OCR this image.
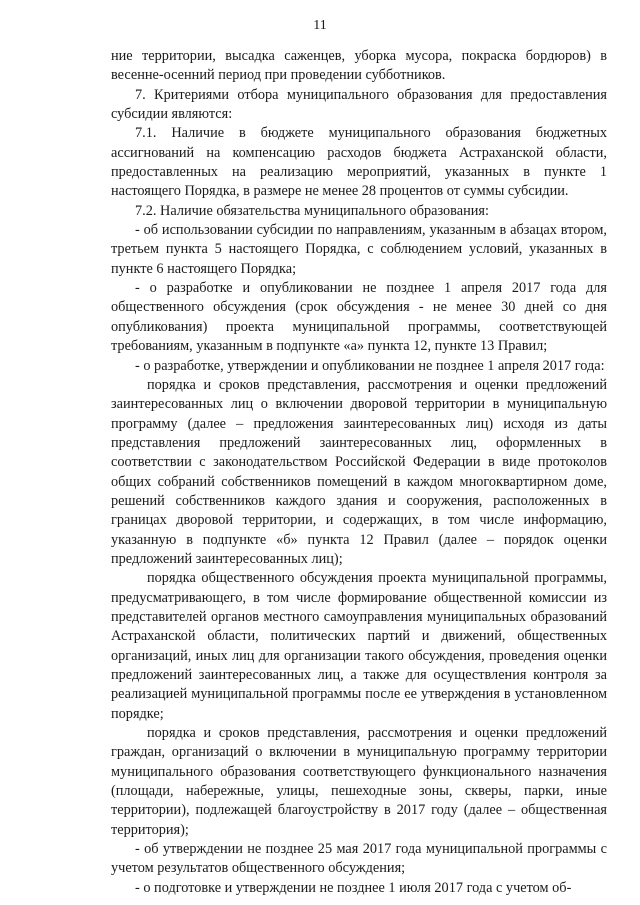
11

ние территории, высадка саженцев, уборка мусора, покраска бордюров) в весенне-осенний период при проведении субботников.

7. Критериями отбора муниципального образования для предоставления субсидии являются:

7.1. Наличие в бюджете муниципального образования бюджетных ассигнований на компенсацию расходов бюджета Астраханской области, предоставленных на реализацию мероприятий, указанных в пункте 1 настоящего Порядка, в размере не менее 28 процентов от суммы субсидии.

7.2. Наличие обязательства муниципального образования:

- об использовании субсидии по направлениям, указанным в абзацах втором, третьем пункта 5 настоящего Порядка, с соблюдением условий, указанных в пункте 6 настоящего Порядка;

- о разработке и опубликовании не позднее 1 апреля 2017 года для общественного обсуждения (срок обсуждения - не менее 30 дней со дня опубликования) проекта муниципальной программы, соответствующей требованиям, указанным в подпункте «а» пункта 12, пункте 13 Правил;

- о разработке, утверждении и опубликовании не позднее 1 апреля 2017 года:

порядка и сроков представления, рассмотрения и оценки предложений заинтересованных лиц о включении дворовой территории в муниципальную программу (далее – предложения заинтересованных лиц) исходя из даты представления предложений заинтересованных лиц, оформленных в соответствии с законодательством Российской Федерации в виде протоколов общих собраний собственников помещений в каждом многоквартирном доме, решений собственников каждого здания и сооружения, расположенных в границах дворовой территории, и содержащих, в том числе информацию, указанную в подпункте «б» пункта 12 Правил (далее – порядок оценки предложений заинтересованных лиц);

порядка общественного обсуждения проекта муниципальной программы, предусматривающего, в том числе формирование общественной комиссии из представителей органов местного самоуправления муниципальных образований Астраханской области, политических партий и движений, общественных организаций, иных лиц для организации такого обсуждения, проведения оценки предложений заинтересованных лиц, а также для осуществления контроля за реализацией муниципальной программы после ее утверждения в установленном порядке;

порядка и сроков представления, рассмотрения и оценки предложений граждан, организаций о включении в муниципальную программу территории муниципального образования соответствующего функционального назначения (площади, набережные, улицы, пешеходные зоны, скверы, парки, иные территории), подлежащей благоустройству в 2017 году (далее – общественная территория);

- об утверждении не позднее 25 мая 2017 года муниципальной программы с учетом результатов общественного обсуждения;

- о подготовке и утверждении не позднее 1 июля 2017 года с учетом об-
